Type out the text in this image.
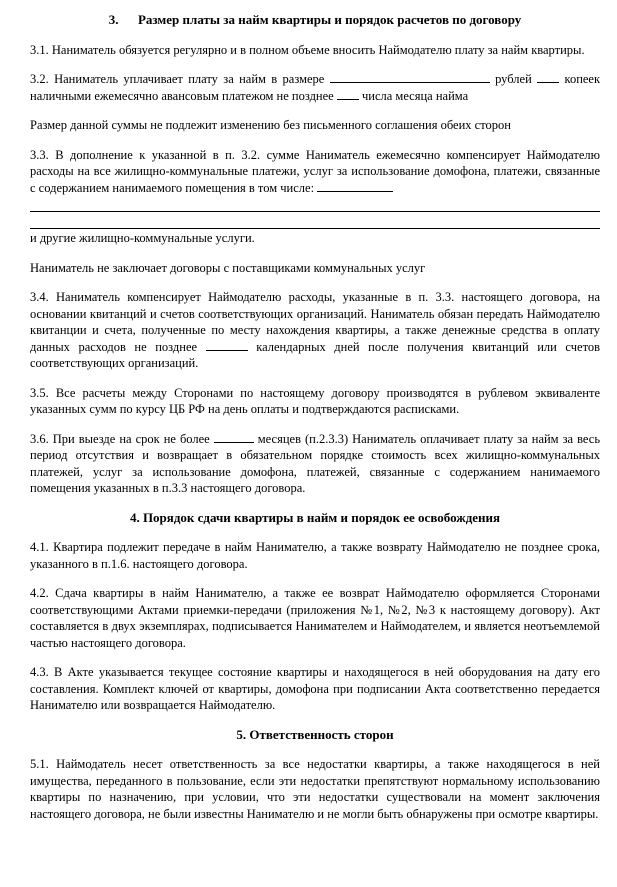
3. Размер платы за найм квартиры и порядок расчетов по договору
3.1. Наниматель обязуется регулярно и в полном объеме вносить Наймодателю плату за найм квартиры.
3.2. Наниматель уплачивает плату за найм в размере	рублей	копеек наличными ежемесячно авансовым платежом не позднее числа месяца найма
Размер данной суммы не подлежит изменению без письменного соглашения обеих сторон
3.3. В дополнение к указанной в п. 3.2. сумме Наниматель ежемесячно компенсирует Наймодателю расходы на все жилищно-коммунальные платежи, услуг за использование домофона, платежи, связанные с содержанием нанимаемого помещения в том числе:
и другие жилищно-коммунальные услуги.
Наниматель не заключает договоры с поставщиками коммунальных услуг
3.4. Наниматель компенсирует Наймодателю расходы, указанные в п. 3.3. настоящего договора, на основании квитанций и счетов соответствующих организаций. Наниматель обязан передать Наймодателю квитанции и счета, полученные по месту нахождения квартиры, а также денежные средства в оплату данных расходов не позднее	календарных дней после получения квитанций или счетов соответствующих организаций.
3.5. Все расчеты между Сторонами по настоящему договору производятся в рублевом эквиваленте указанных сумм по курсу ЦБ РФ на день оплаты и подтверждаются расписками.
3.6. При выезде на срок не более	месяцев (п.2.3.3) Наниматель оплачивает плату за найм за весь период отсутствия и возвращает в обязательном порядке стоимость всех жилищно-коммунальных платежей, услуг за использование домофона, платежей, связанные с содержанием нанимаемого помещения указанных в п.3.3 настоящего договора.
4. Порядок сдачи квартиры в найм и порядок ее освобождения
4.1. Квартира подлежит передаче в найм Нанимателю, а также возврату Наймодателю не позднее срока, указанного в п.1.6. настоящего договора.
4.2. Сдача квартиры в найм Нанимателю, а также ее возврат Наймодателю оформляется Сторонами соответствующими Актами приемки-передачи (приложения №1, №2, №3 к настоящему договору). Акт составляется в двух экземплярах, подписывается Нанимателем и Наймодателем, и является неотъемлемой частью настоящего договора.
4.3. В Акте указывается текущее состояние квартиры и находящегося в ней оборудования на дату его составления. Комплект ключей от квартиры, домофона при подписании Акта соответственно передается Нанимателю или возвращается Наймодателю.
5. Ответственность сторон
5.1. Наймодатель несет ответственность за все недостатки квартиры, а также находящегося в ней имущества, переданного в пользование, если эти недостатки препятствуют нормальному использованию квартиры по назначению, при условии, что эти недостатки существовали на момент заключения настоящего договора, не были известны Нанимателю и не могли быть обнаружены при осмотре квартиры.
